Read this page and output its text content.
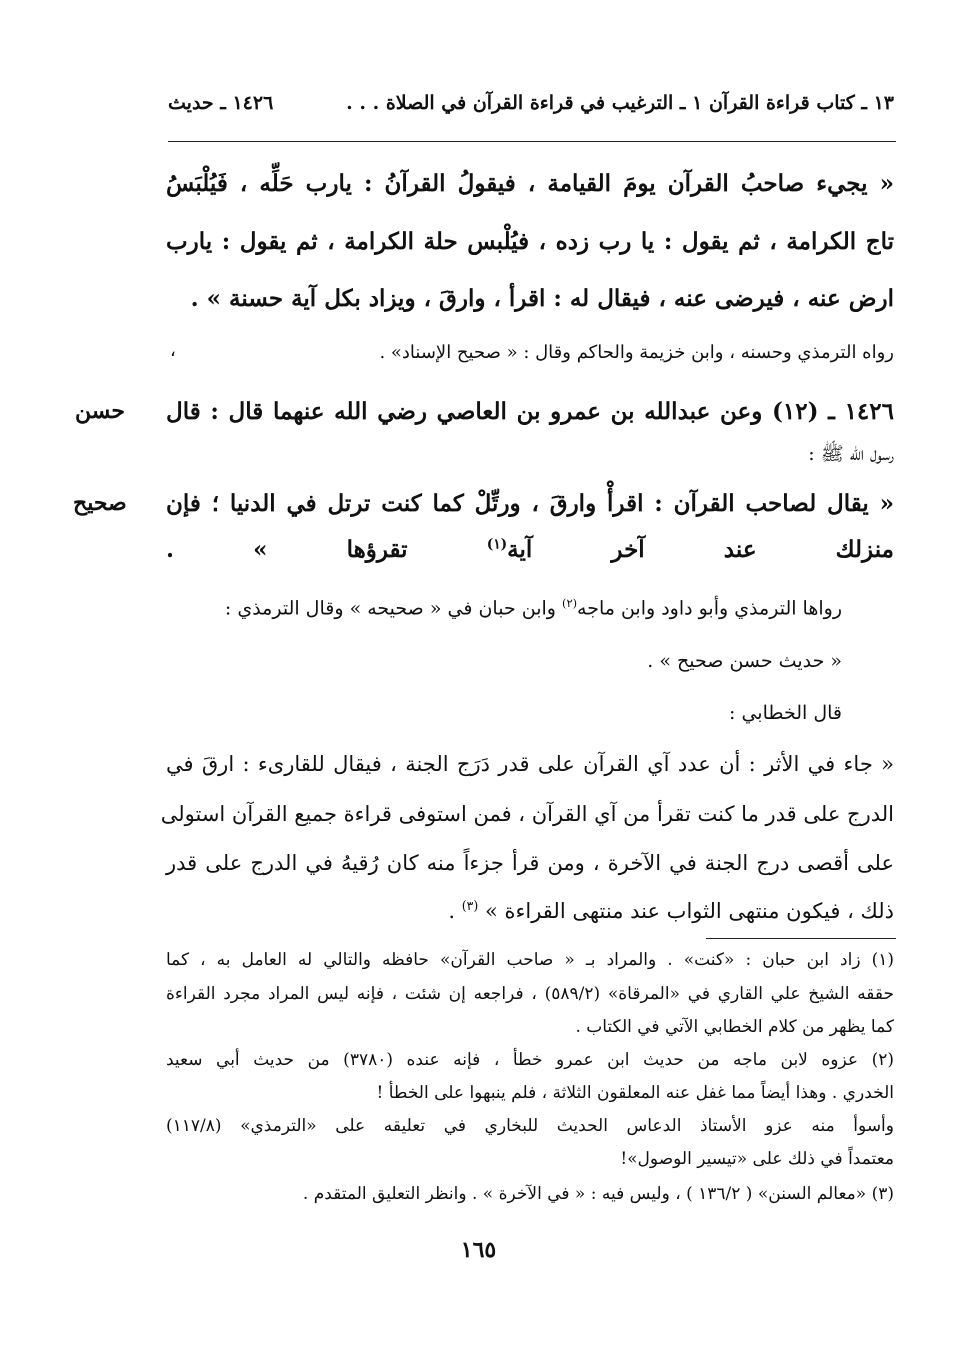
١٣ ـ كتاب قراءة القرآن ١ ـ الترغيب في قراءة القرآن في الصلاة . . .
١٤٢٦ ـ حديث
« يجيء صاحبُ القرآن يومَ القيامة ، فيقولُ القرآنُ : يارب حَلِّه ، فَيُلْبَسُ
تاج الكرامة ، ثم يقول : يا رب زده ، فيُلْبس حلة الكرامة ، ثم يقول : يارب
ارض عنه ، فيرضى عنه ، فيقال له : اقرأ ، وارقَ ، ويزاد بكل آية حسنة » .
رواه الترمذي وحسنه ، وابن خزيمة والحاكم وقال : « صحيح الإسناد» .
،
حسن ١٤٢٦ ـ (١٢) وعن عبدالله بن عمرو بن العاصي رضي الله عنهما قال : قال
رسول الله ﷺ :
صحيح « يقال لصاحب القرآن : اقرأْ وارقَ ، ورتِّلْ كما كنت ترتل في الدنيا ؛ فإن
منزلك عند آخر آية$^{(١)}$ تقرؤها » .
رواها الترمذي وأبو داود وابن ماجه$^{(٢)}$ وابن حبان في « صحيحه » وقال الترمذي :
« حديث حسن صحيح » .
قال الخطابي :
« جاء في الأثر : أن عدد آي القرآن على قدر دَرَج الجنة ، فيقال للقارىء : ارقَ في
الدرج على قدر ما كنت تقرأ من آي القرآن ، فمن استوفى قراءة جميع القرآن استولى
على أقصى درج الجنة في الآخرة ، ومن قرأ جزءاً منه كان رُقيهُ في الدرج على قدر
ذلك ، فيكون منتهى الثواب عند منتهى القراءة » $^{(٣)}$ .
(١) زاد ابن حبان : «كنت» . والمراد بـ « صاحب القرآن» حافظه والتالي له العامل به ، كما
حققه الشيخ علي القاري في «المرقاة» (٥٨٩/٢) ، فراجعه إن شئت ، فإنه ليس المراد مجرد القراءة
كما يظهر من كلام الخطابي الآتي في الكتاب .
(٢) عزوه لابن ماجه من حديث ابن عمرو خطأ ، فإنه عنده (٣٧٨٠) من حديث أبي سعيد
الخدري . وهذا أيضاً مما غفل عنه المعلقون الثلاثة ، فلم ينبهوا على الخطأ !
وأسوأ منه عزو الأستاذ الدعاس الحديث للبخاري في تعليقه على «الترمذي» (١١٧/٨)
معتمداً في ذلك على «تيسير الوصول»!
(٣) «معالم السنن» ( ١٣٦/٢ ) ، وليس فيه : « في الآخرة » . وانظر التعليق المتقدم .
١٦٥
